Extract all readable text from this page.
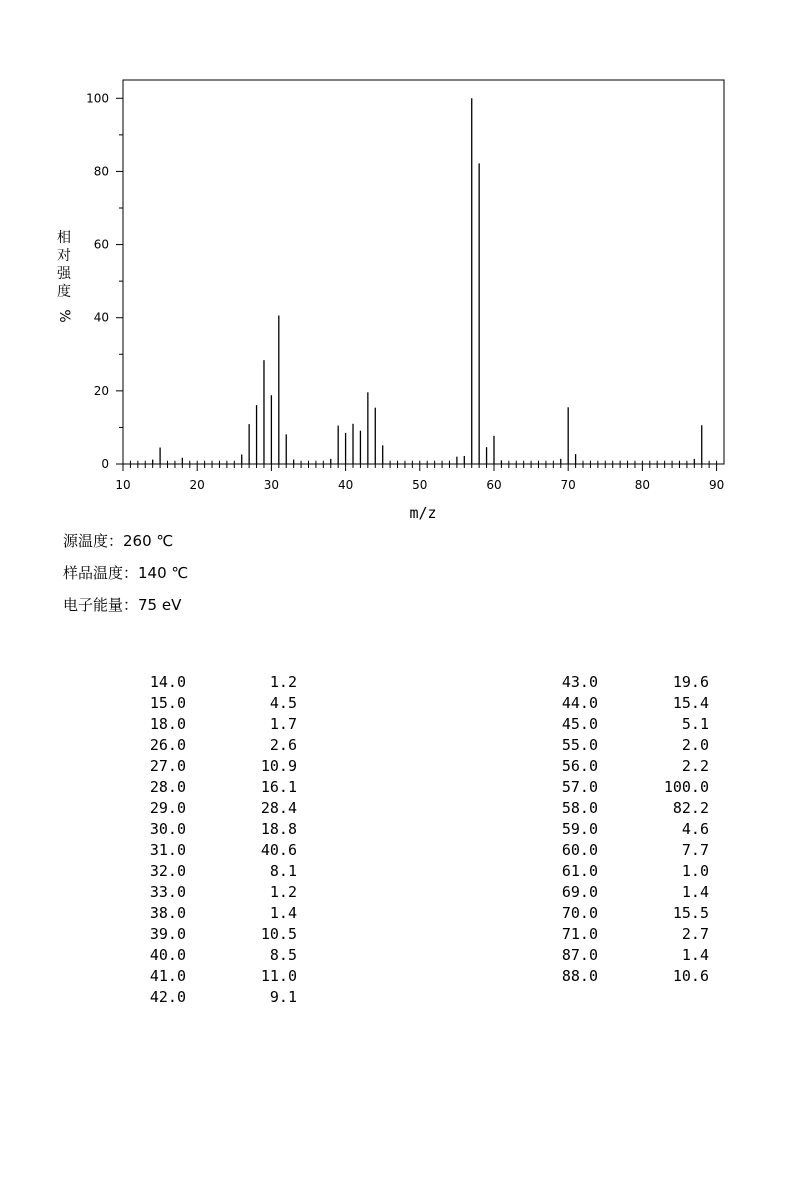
0
20
40
60
80
100
10	20	30	40	50	60	70	80	90
相
对
强
度
%
m/z
源温度：260 ℃
样品温度：140 ℃
电子能量：75 eV
14.0	1.2
15.0	4.5
18.0	1.7
26.0	2.6
27.0	10.9
28.0	16.1
29.0	28.4
30.0	18.8
31.0	40.6
32.0	8.1
33.0	1.2
38.0	1.4
39.0	10.5
40.0	8.5
41.0	11.0
42.0	9.1
43.0	19.6
44.0	15.4
45.0	5.1
55.0	2.0
56.0	2.2
57.0	100.0
58.0	82.2
59.0	4.6
60.0	7.7
61.0	1.0
69.0	1.4
70.0	15.5
71.0	2.7
87.0	1.4
88.0	10.6
